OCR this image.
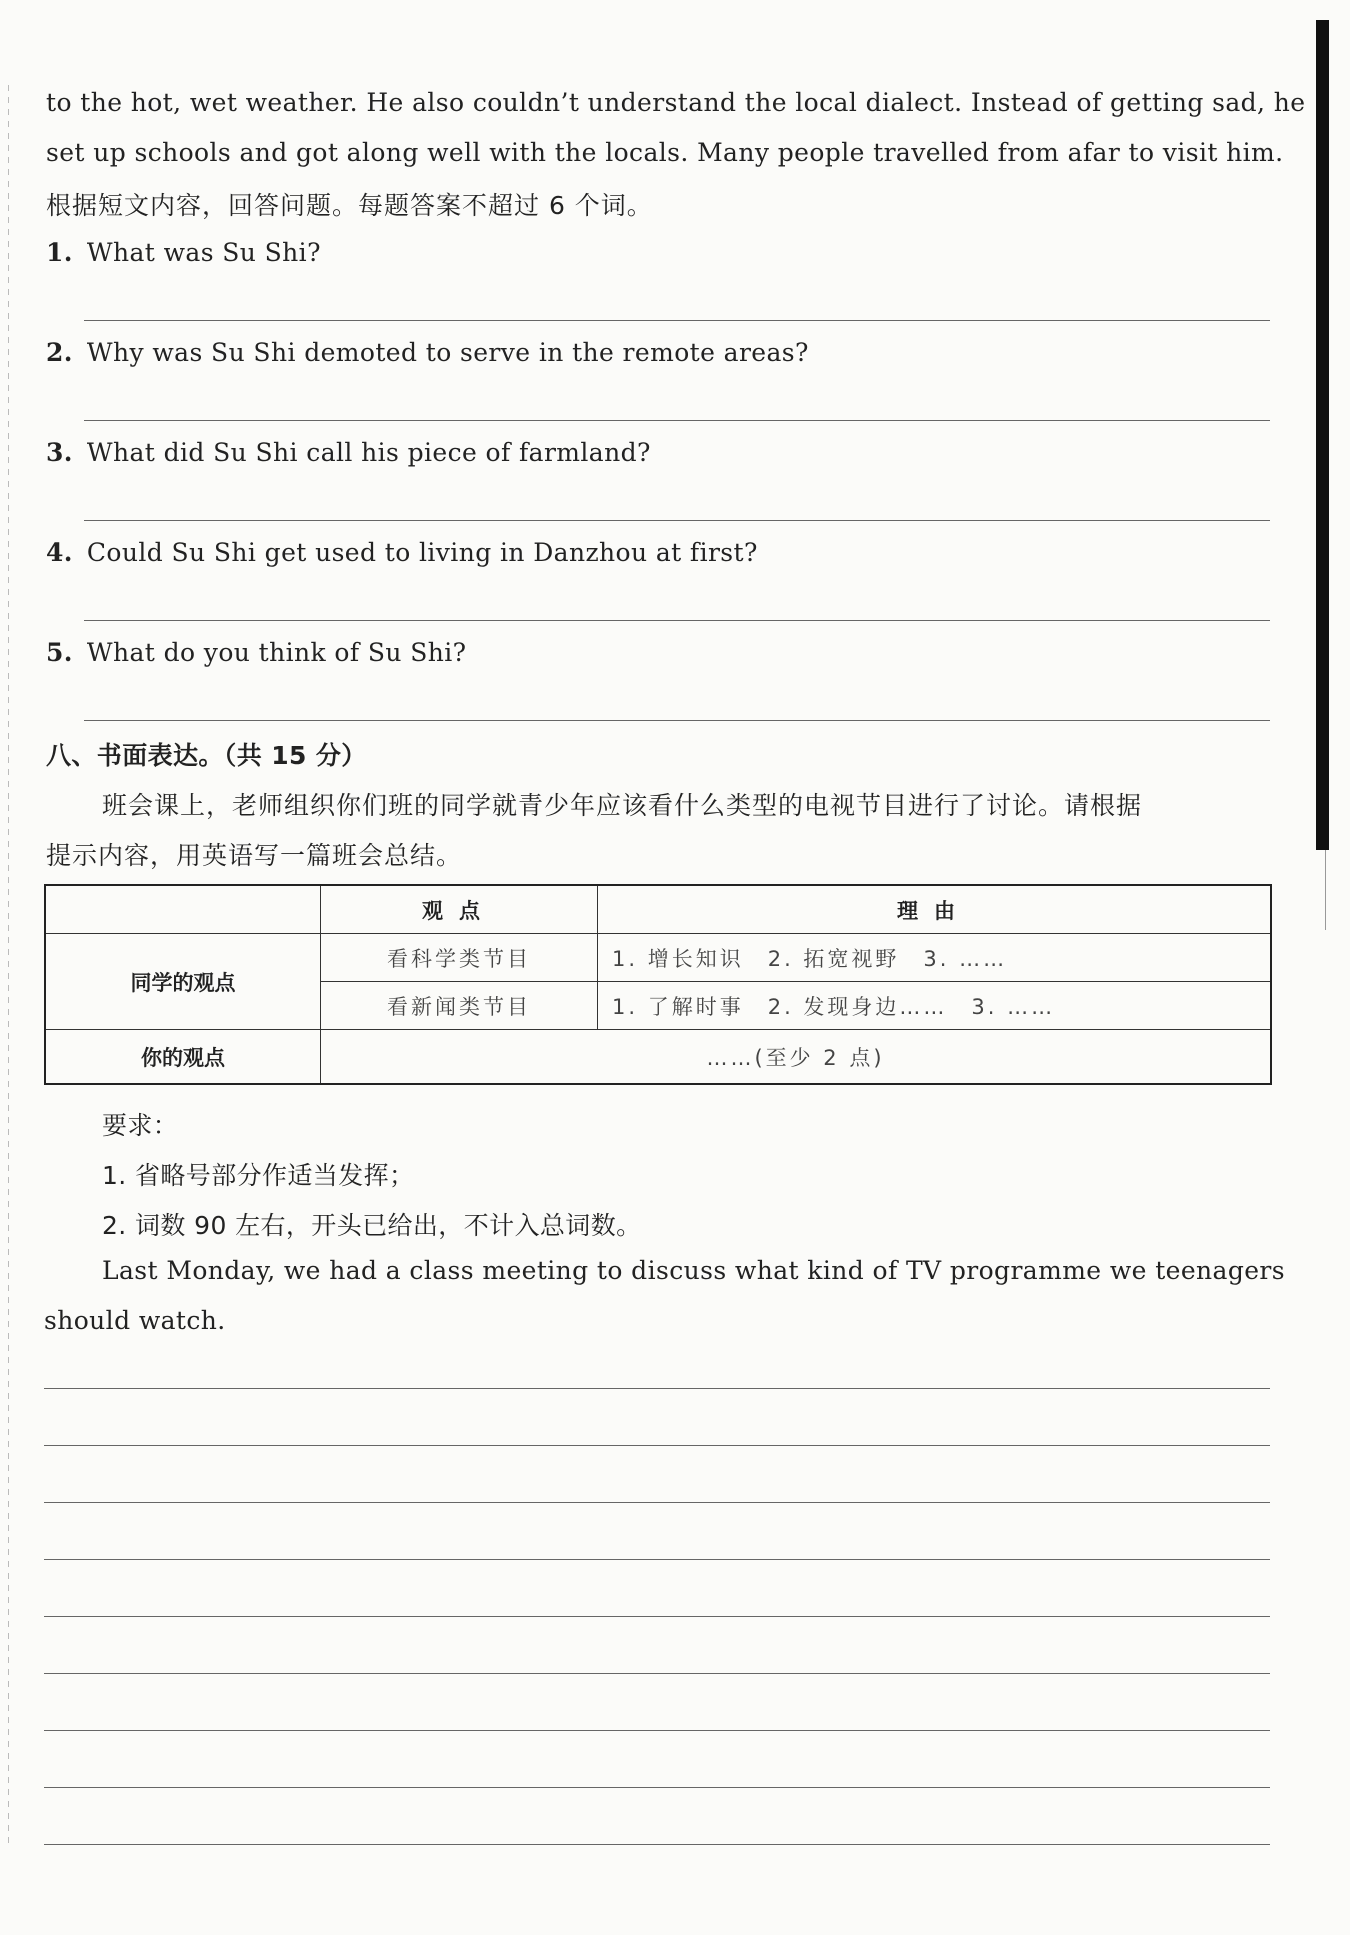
to the hot, wet weather. He also couldn’t understand the local dialect. Instead of getting sad, he
set up schools and got along well with the locals. Many people travelled from afar to visit him.
根据短文内容，回答问题。每题答案不超过 6 个词。
1. What was Su Shi?
2. Why was Su Shi demoted to serve in the remote areas?
3. What did Su Shi call his piece of farmland?
4. Could Su Shi get used to living in Danzhou at first?
5. What do you think of Su Shi?
八、书面表达。（共 15 分）
班会课上，老师组织你们班的同学就青少年应该看什么类型的电视节目进行了讨论。请根据
提示内容，用英语写一篇班会总结。
	观点	理由
同学的观点	看科学类节目	1. 增长知识　2. 拓宽视野　3. ……
	看新闻类节目	1. 了解时事　2. 发现身边……　3. ……
你的观点	……(至少 2 点)	
要求：
1. 省略号部分作适当发挥；
2. 词数 90 左右，开头已给出，不计入总词数。
Last Monday, we had a class meeting to discuss what kind of TV programme we teenagers
should watch.
